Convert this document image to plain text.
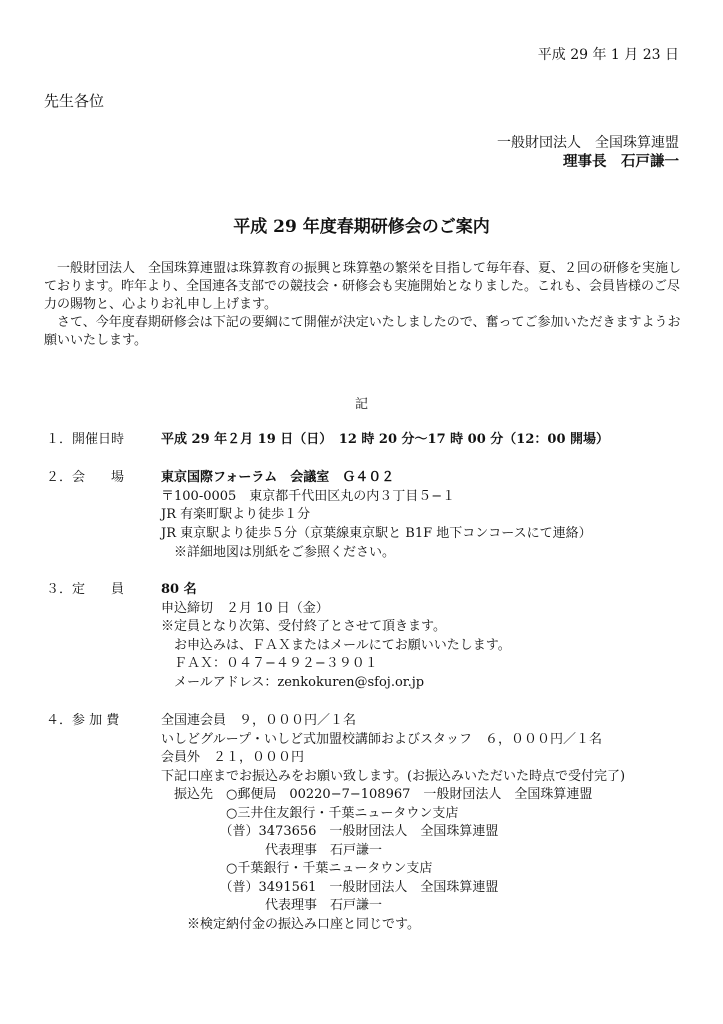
平成 29 年 1 月 23 日
先生各位
一般財団法人　全国珠算連盟
理事長　石戸謙一
平成 29 年度春期研修会のご案内

　一般財団法人　全国珠算連盟は珠算教育の振興と珠算塾の繁栄を目指して毎年春、夏、２回の研修を実施しております。昨年より、全国連各支部での競技会・研修会も実施開始となりました。これも、会員皆様のご尽力の賜物と、心よりお礼申し上げます。

　さて、今年度春期研修会は下記の要綱にて開催が決定いたしましたので、奮ってご参加いただきますようお願いいたします。

記
１．開催日時	平成 29 年２月 19 日（日）　12 時 20 分～17 時 00 分（12：00 開場）
２．会　　場	東京国際フォーラム　会議室　Ｇ４０２
〒100-0005　東京都千代田区丸の内３丁目５−１
JR 有楽町駅より徒歩１分
JR 東京駅より徒歩５分（京葉線東京駅と B1F 地下コンコースにて連絡）
　※詳細地図は別紙をご参照ください。
３．定　　員	80 名
申込締切　２月 10 日（金）
※定員となり次第、受付終了とさせて頂きます。
　お申込みは、ＦＡＸまたはメールにてお願いいたします。
　ＦＡＸ：０４７−４９２−３９０１
　メールアドレス：zenkokuren@sfoj.or.jp
４．参 加 費	全国連会員　９，０００円／１名
いしどグループ・いしど式加盟校講師およびスタッフ　６，０００円／１名
会員外　２１，０００円
下記口座までお振込みをお願い致します。(お振込みいただいた時点で受付完了)
　振込先　○郵便局　00220−7−108967　一般財団法人　全国珠算連盟
　　　　　○三井住友銀行・千葉ニュータウン支店
　　　　　（普）3473656　一般財団法人　全国珠算連盟
　　　　　　　　代表理事　石戸謙一
　　　　　○千葉銀行・千葉ニュータウン支店
　　　　　（普）3491561　一般財団法人　全国珠算連盟
　　　　　　　　代表理事　石戸謙一
　　※検定納付金の振込み口座と同じです。
